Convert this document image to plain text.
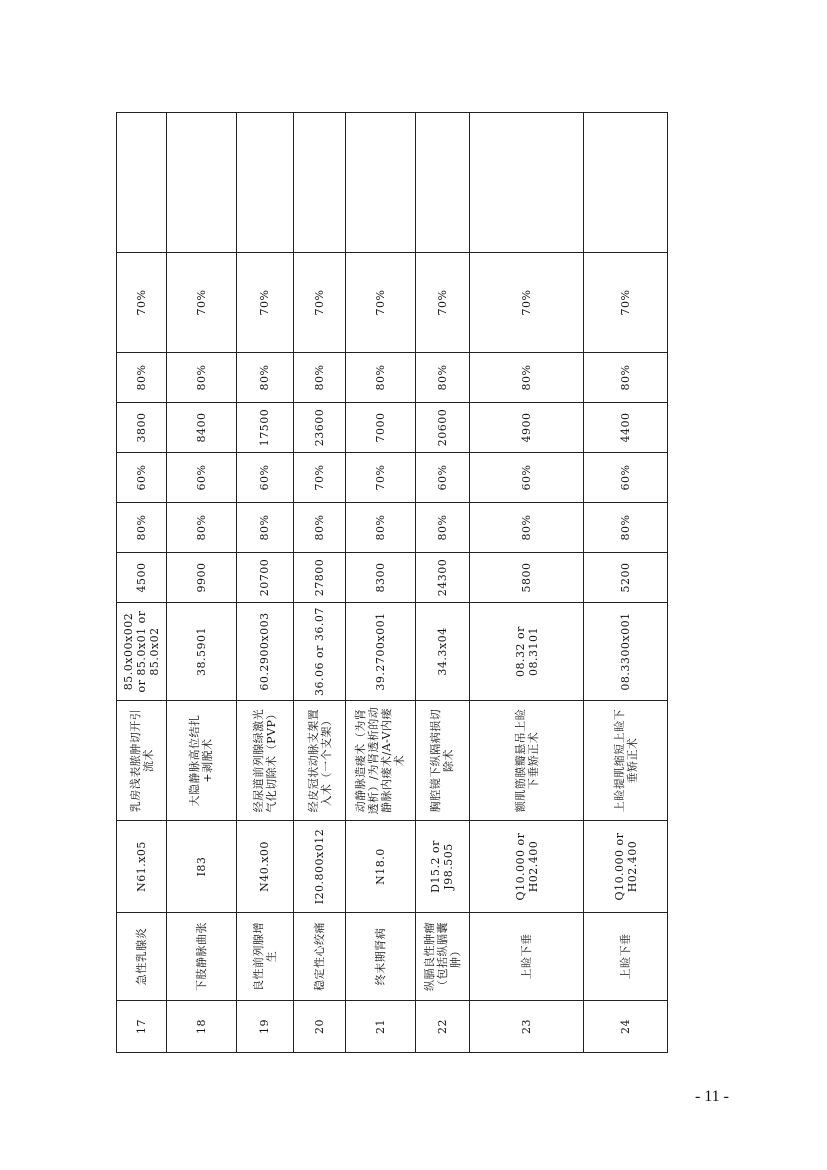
17	急性乳腺炎	N61.x05	乳房浅表脓肿切开引流术	85.0x00x002 or 85.0x01 or 85.0x02	4500	80%	60%	3800	80%	70%	
18	下肢静脉曲张	I83	大隐静脉高位结扎+剥脱术	38.5901	9900	80%	60%	8400	80%	70%	
19	良性前列腺增生	N40.x00	经尿道前列腺绿激光气化切除术（PVP）	60.2900x003	20700	80%	60%	17500	80%	70%	
20	稳定性心绞痛	I20.800x012	经皮冠状动脉支架置入术（一个支架）	36.06 or 36.07	27800	80%	70%	23600	80%	70%	
21	终末期肾病	N18.0	动静脉造瘘术（为肾透析）/为肾透析的动静脉内瘘术/A-V内瘘术	39.2700x001	8300	80%	70%	7000	80%	70%	
22	纵膈良性肿瘤（包括纵膈囊肿）	D15.2 or J98.505	胸腔镜下纵隔病损切除术	34.3x04	24300	80%	60%	20600	80%	70%	
23	上睑下垂	Q10.000 or H02.400	额肌筋膜瓣悬吊上睑下垂矫正术	08.32 or 08.3101	5800	80%	60%	4900	80%	70%	
24	上睑下垂	Q10.000 or H02.400	上睑提肌缩短上睑下垂矫正术	08.3300x001	5200	80%	60%	4400	80%	70%	
- 11 -
